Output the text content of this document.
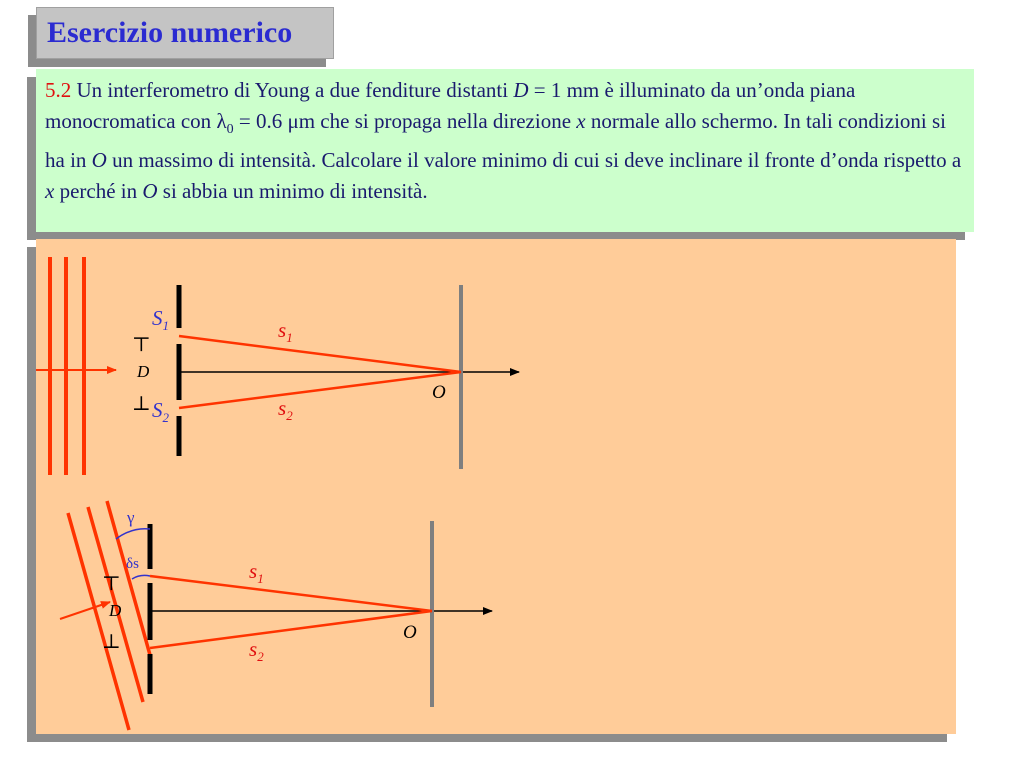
Esercizio numerico
5.2 Un interferometro di Young a due fenditure distanti D = 1 mm è illuminato da un’onda piana monocromatica con $\lambda_0 = 0.6$ μm che si propaga nella direzione x normale allo schermo. In tali condizioni si ha in O un massimo di intensità. Calcolare il valore minimo di cui si deve inclinare il fronte d’onda rispetto a x perché in O si abbia un minimo di intensità.
$S_1$
$S_2$
$s_1$
$s_2$
D
⊤
⊥
O
γ
δs	$s_1$
$s_2$
D
⊤
⊥	O
